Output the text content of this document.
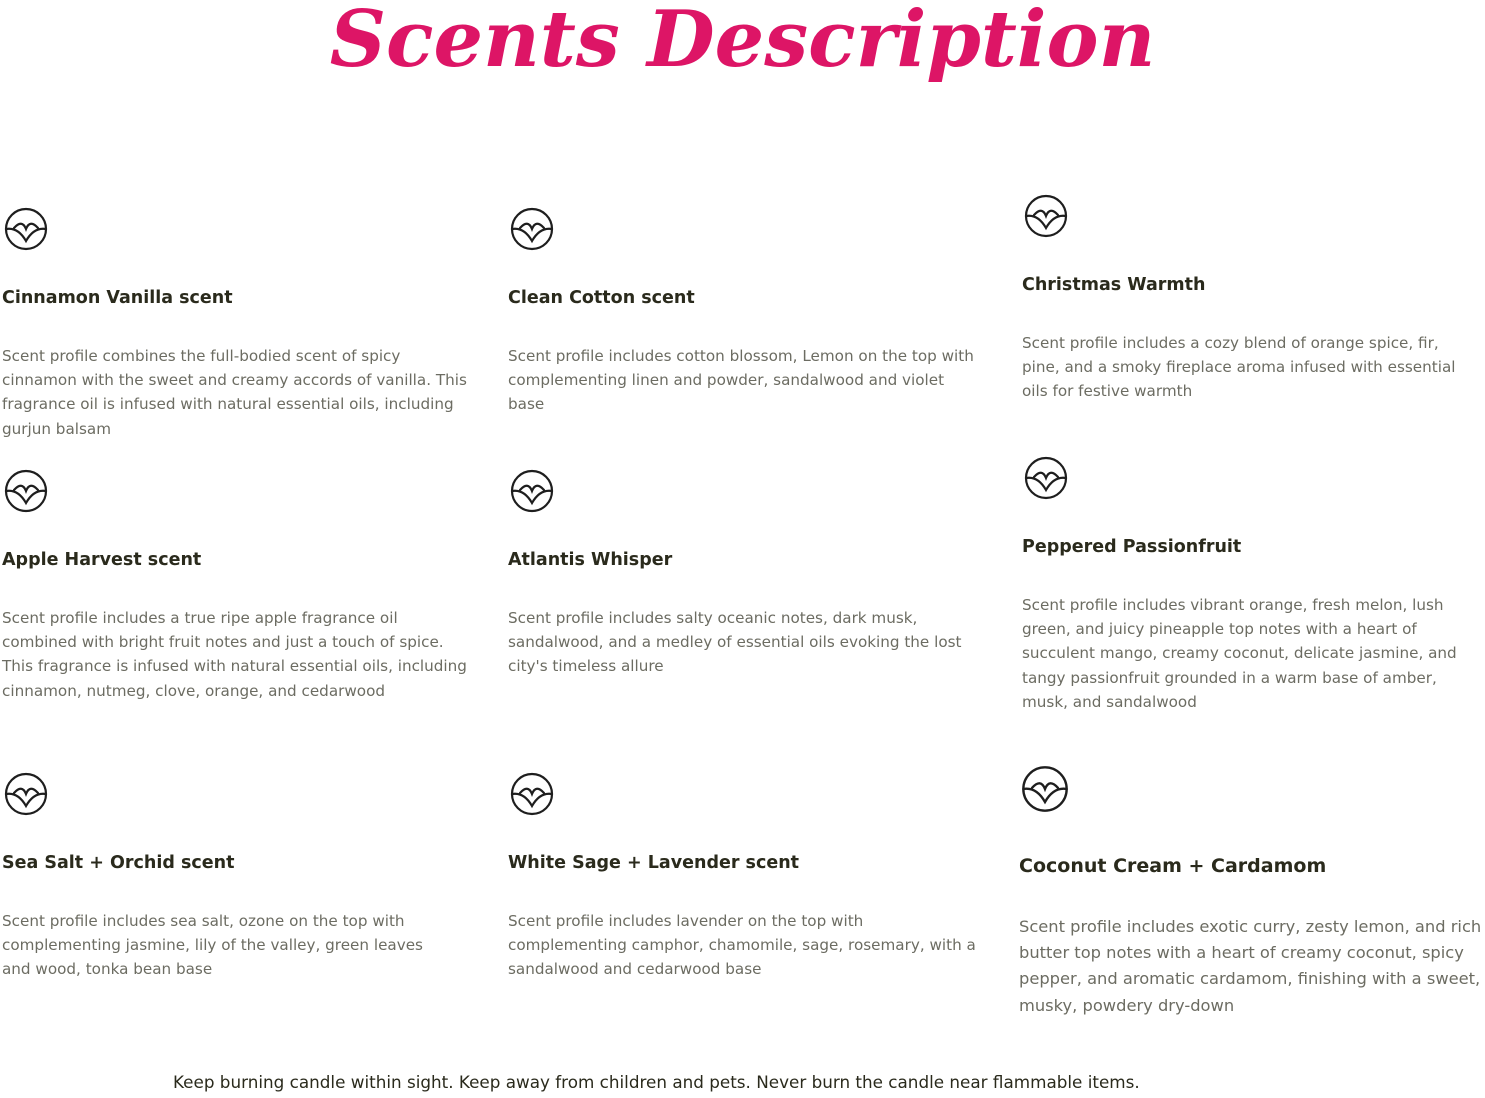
Scents Description
Cinnamon Vanilla scent
Scent profile combines the full-bodied scent of spicy cinnamon with the sweet and creamy accords of vanilla. This fragrance oil is infused with natural essential oils, including gurjun balsam
Clean Cotton scent
Scent profile includes cotton blossom, Lemon on the top with complementing linen and powder, sandalwood and violet base
Christmas Warmth
Scent profile includes a cozy blend of orange spice, fir, pine, and a smoky fireplace aroma infused with essential oils for festive warmth
Apple Harvest scent
Scent profile includes a true ripe apple fragrance oil combined with bright fruit notes and just a touch of spice. This fragrance is infused with natural essential oils, including cinnamon, nutmeg, clove, orange, and cedarwood
Atlantis Whisper
Scent profile includes salty oceanic notes, dark musk, sandalwood, and a medley of essential oils evoking the lost city's timeless allure
Peppered Passionfruit
Scent profile includes vibrant orange, fresh melon, lush green, and juicy pineapple top notes with a heart of succulent mango, creamy coconut, delicate jasmine, and tangy passionfruit grounded in a warm base of amber, musk, and sandalwood
Sea Salt + Orchid scent
Scent profile includes sea salt, ozone on the top with complementing jasmine, lily of the valley, green leaves and wood, tonka bean base
White Sage + Lavender scent
Scent profile includes lavender on the top with complementing camphor, chamomile, sage, rosemary, with a sandalwood and cedarwood base
Coconut Cream + Cardamom
Scent profile includes exotic curry, zesty lemon, and rich butter top notes with a heart of creamy coconut, spicy pepper, and aromatic cardamom, finishing with a sweet, musky, powdery dry-down
Keep burning candle within sight. Keep away from children and pets. Never burn the candle near flammable items.
